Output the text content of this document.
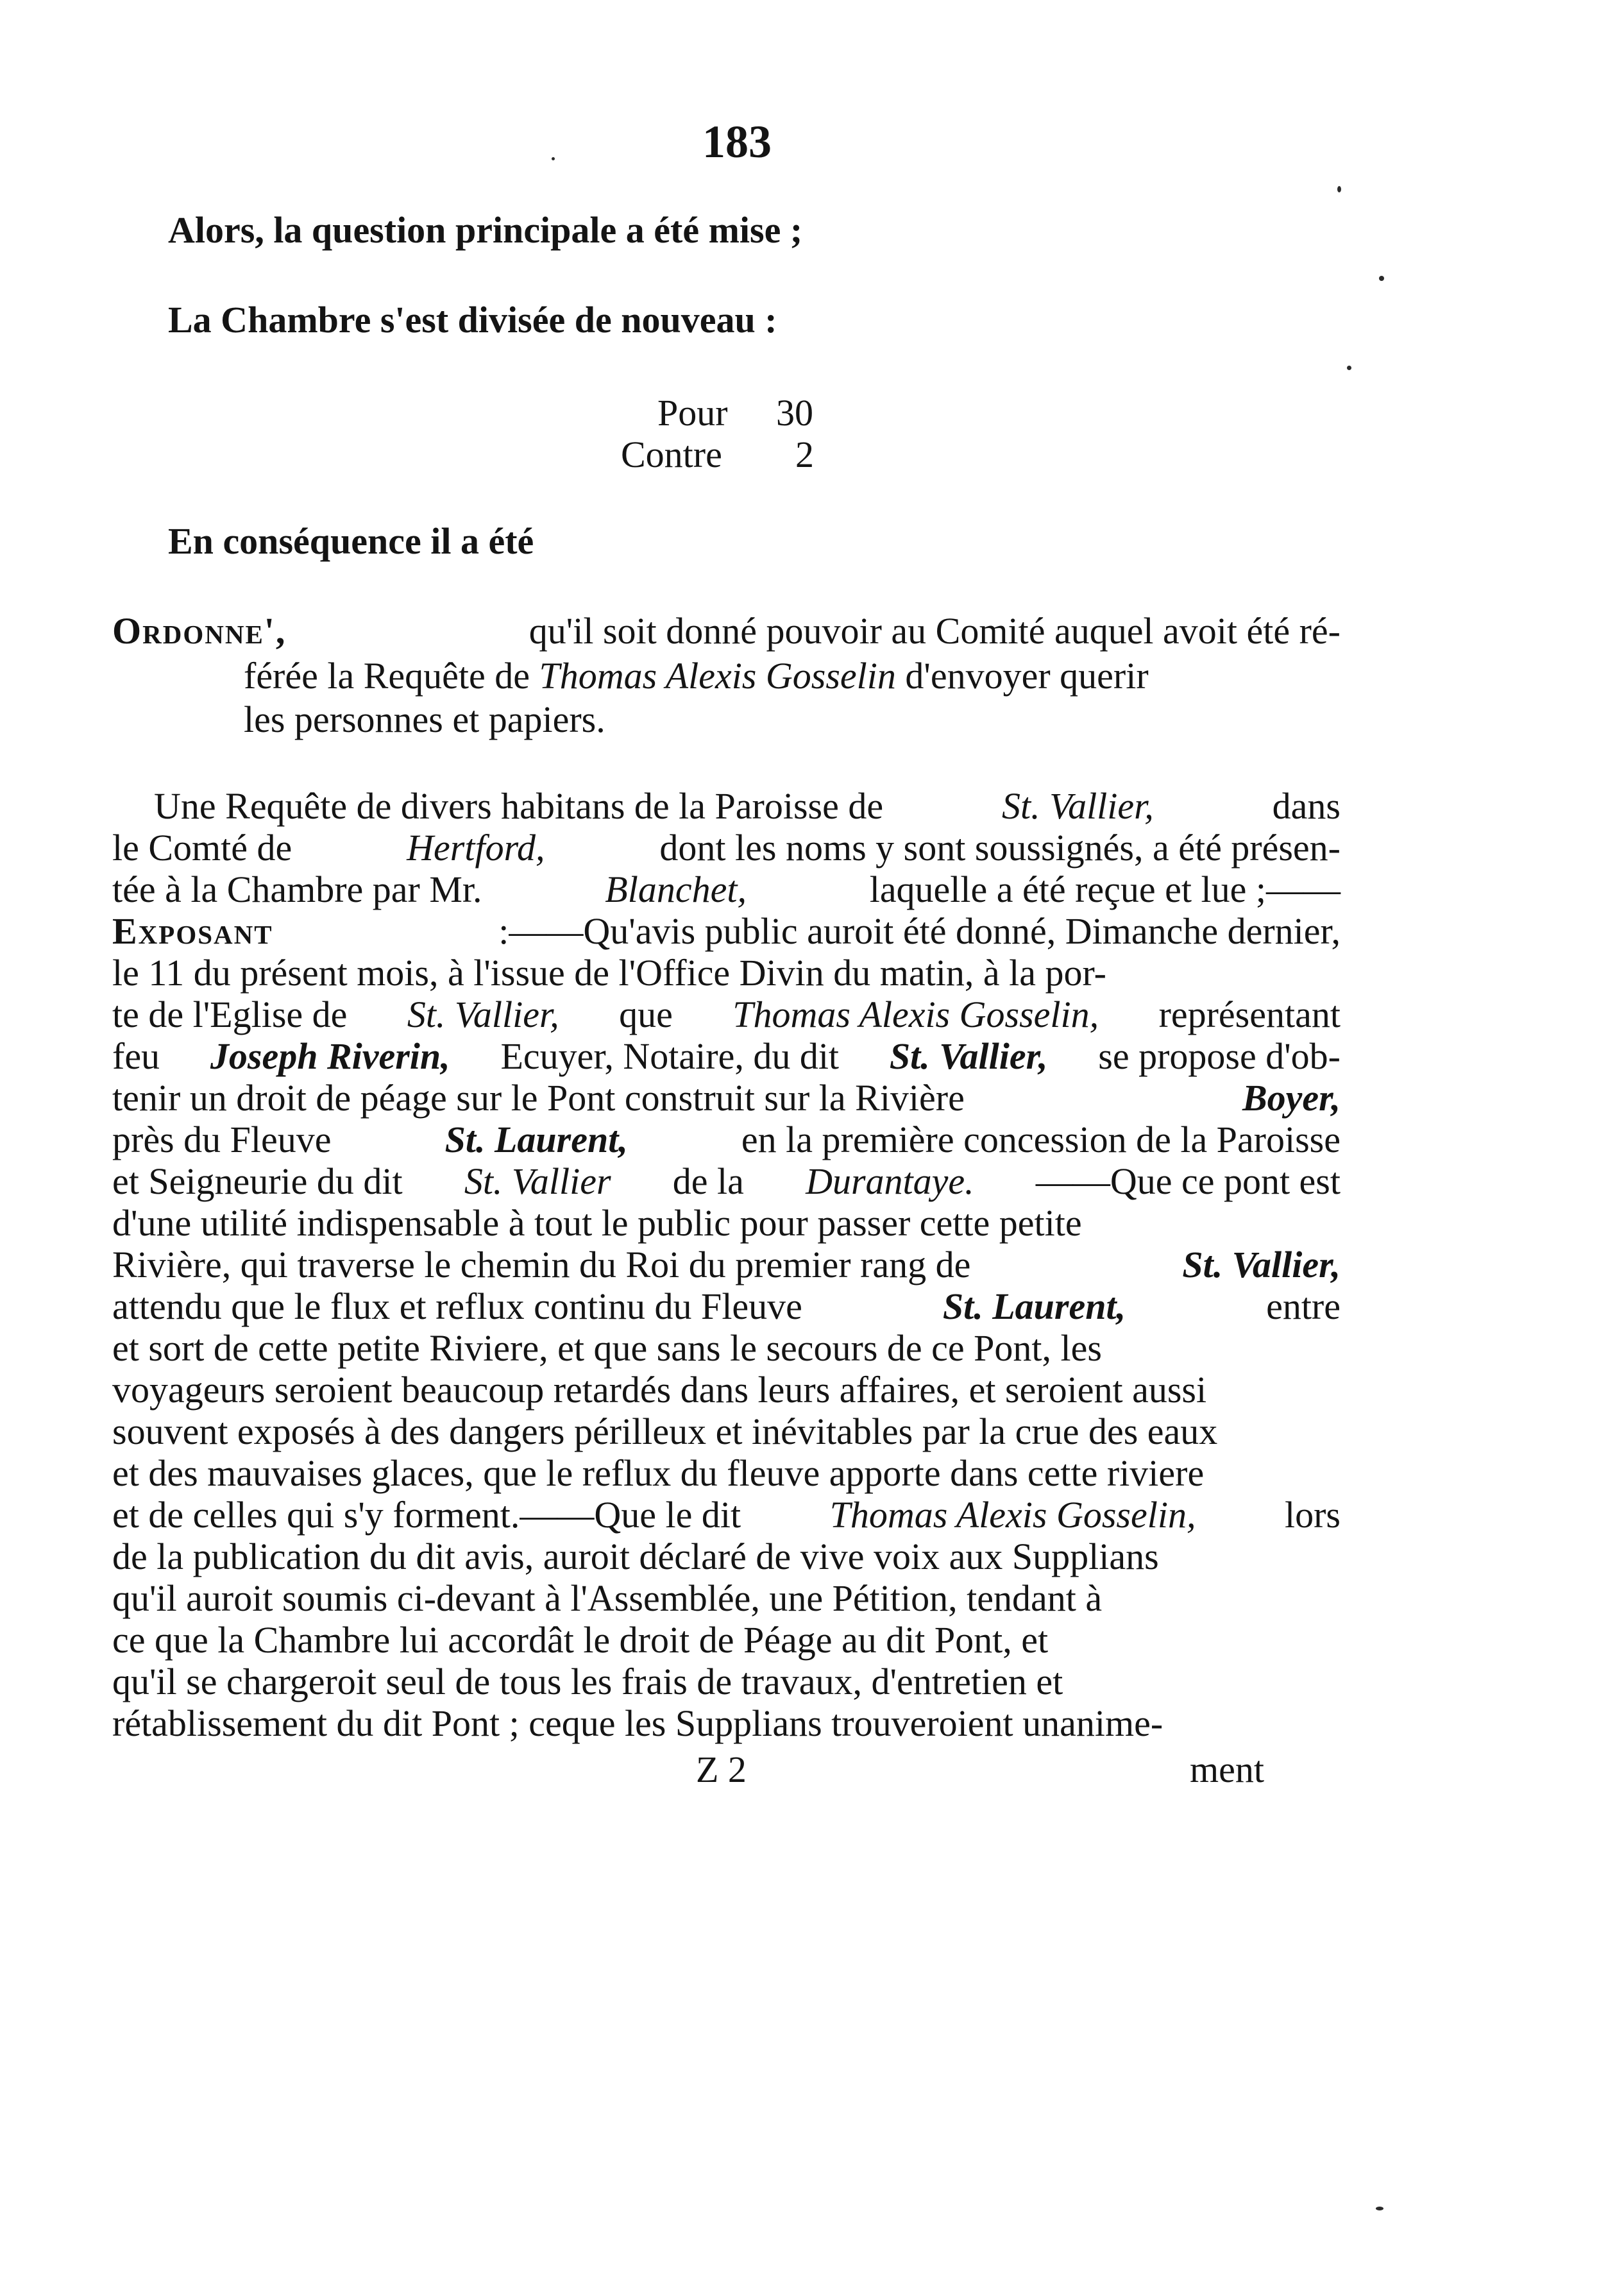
183
Alors, la question principale a été mise ;
La Chambre s'est divisée de nouveau :
Pour 30
Contre 2
En conséquence il a été
Ordonne',	qu'il soit donné pouvoir au Comité auquel avoit été ré-
férée la Requête de Thomas Alexis Gosselin d'envoyer querir
les personnes et papiers.
Une Requête de divers habitans de la Paroisse de	St. Vallier,	dans
le Comté de	Hertford,	dont les noms y sont soussignés, a été présen-
tée à la Chambre par Mr.	Blanchet,	laquelle a été reçue et lue ;——
Exposant	:——Qu'avis public auroit été donné, Dimanche dernier,
le 11 du présent mois, à l'issue de l'Office Divin du matin, à la por-
te de l'Eglise de St. Vallier, que Thomas Alexis Gosselin, représentant
feu Joseph Riverin, Ecuyer, Notaire, du dit St. Vallier, se propose d'ob-
tenir un droit de péage sur le Pont construit sur la Rivière	Boyer,
près du Fleuve	St. Laurent,	en la première concession de la Paroisse
et Seigneurie du dit St. Vallier de la Durantaye. ——Que ce pont est
d'une utilité indispensable à tout le public pour passer cette petite
Rivière, qui traverse le chemin du Roi du premier rang de	St. Vallier,
attendu que le flux et reflux continu du Fleuve	St. Laurent,	entre
et sort de cette petite Riviere, et que sans le secours de ce Pont, les
voyageurs seroient beaucoup retardés dans leurs affaires, et seroient aussi
souvent exposés à des dangers périlleux et inévitables par la crue des eaux
et des mauvaises glaces, que le reflux du fleuve apporte dans cette riviere
et de celles qui s'y forment.——Que le dit Thomas Alexis Gosselin, lors
de la publication du dit avis, auroit déclaré de vive voix aux Supplians
qu'il auroit soumis ci-devant à l'Assemblée, une Pétition, tendant à
ce que la Chambre lui accordât le droit de Péage au dit Pont, et
qu'il se chargeroit seul de tous les frais de travaux, d'entretien et
rétablissement du dit Pont ; ceque les Supplians trouveroient unanime-
Z 2	ment
